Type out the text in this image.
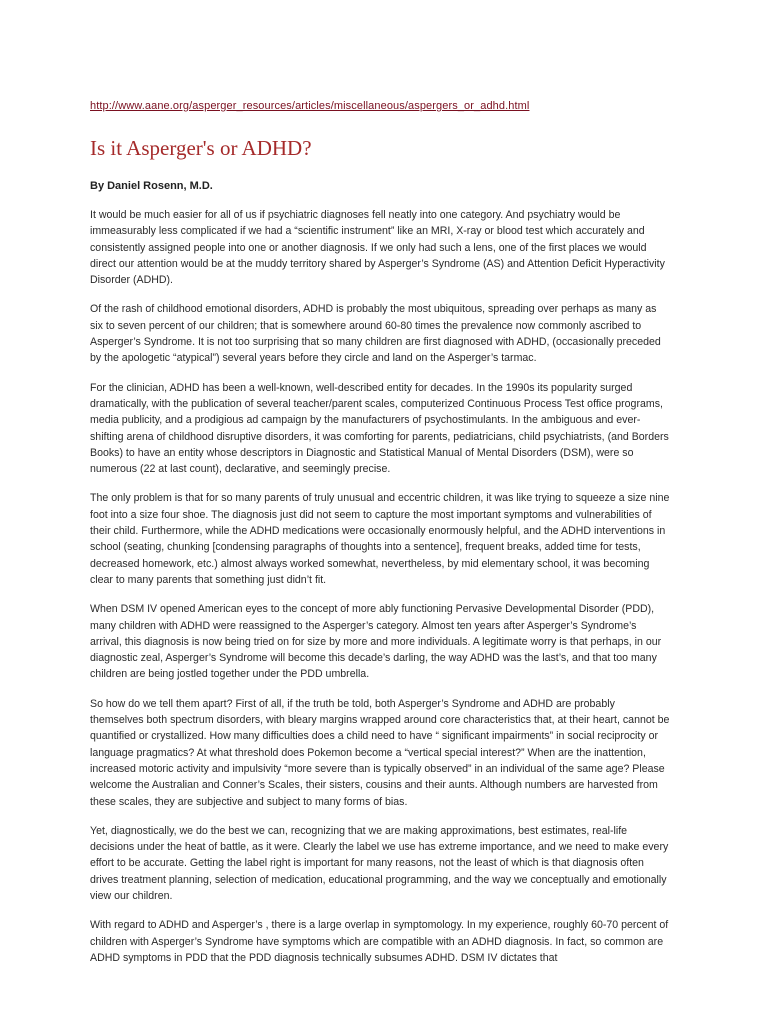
http://www.aane.org/asperger_resources/articles/miscellaneous/aspergers_or_adhd.html
Is it Asperger's or ADHD?

By Daniel Rosenn, M.D.

It would be much easier for all of us if psychiatric diagnoses fell neatly into one category. And psychiatry would be immeasurably less complicated if we had a “scientific instrument” like an MRI, X-ray or blood test which accurately and consistently assigned people into one or another diagnosis. If we only had such a lens, one of the first places we would direct our attention would be at the muddy territory shared by Asperger’s Syndrome (AS) and Attention Deficit Hyperactivity Disorder (ADHD).

Of the rash of childhood emotional disorders, ADHD is probably the most ubiquitous, spreading over perhaps as many as six to seven percent of our children; that is somewhere around 60-80 times the prevalence now commonly ascribed to Asperger’s Syndrome. It is not too surprising that so many children are first diagnosed with ADHD, (occasionally preceded by the apologetic “atypical”) several years before they circle and land on the Asperger’s tarmac.

For the clinician, ADHD has been a well-known, well-described entity for decades. In the 1990s its popularity surged dramatically, with the publication of several teacher/parent scales, computerized Continuous Process Test office programs, media publicity, and a prodigious ad campaign by the manufacturers of psychostimulants. In the ambiguous and ever-shifting arena of childhood disruptive disorders, it was comforting for parents, pediatricians, child psychiatrists, (and Borders Books) to have an entity whose descriptors in Diagnostic and Statistical Manual of Mental Disorders (DSM), were so numerous (22 at last count), declarative, and seemingly precise.

The only problem is that for so many parents of truly unusual and eccentric children, it was like trying to squeeze a size nine foot into a size four shoe. The diagnosis just did not seem to capture the most important symptoms and vulnerabilities of their child. Furthermore, while the ADHD medications were occasionally enormously helpful, and the ADHD interventions in school (seating, chunking [condensing paragraphs of thoughts into a sentence], frequent breaks, added time for tests, decreased homework, etc.) almost always worked somewhat, nevertheless, by mid elementary school, it was becoming clear to many parents that something just didn’t fit.

When DSM IV opened American eyes to the concept of more ably functioning Pervasive Developmental Disorder (PDD), many children with ADHD were reassigned to the Asperger’s category. Almost ten years after Asperger’s Syndrome’s arrival, this diagnosis is now being tried on for size by more and more individuals. A legitimate worry is that perhaps, in our diagnostic zeal, Asperger’s Syndrome will become this decade’s darling, the way ADHD was the last’s, and that too many children are being jostled together under the PDD umbrella.

So how do we tell them apart? First of all, if the truth be told, both Asperger’s Syndrome and ADHD are probably themselves both spectrum disorders, with bleary margins wrapped around core characteristics that, at their heart, cannot be quantified or crystallized. How many difficulties does a child need to have “ significant impairments” in social reciprocity or language pragmatics? At what threshold does Pokemon become a “vertical special interest?” When are the inattention, increased motoric activity and impulsivity “more severe than is typically observed” in an individual of the same age? Please welcome the Australian and Conner’s Scales, their sisters, cousins and their aunts. Although numbers are harvested from these scales, they are subjective and subject to many forms of bias.

Yet, diagnostically, we do the best we can, recognizing that we are making approximations, best estimates, real-life decisions under the heat of battle, as it were. Clearly the label we use has extreme importance, and we need to make every effort to be accurate. Getting the label right is important for many reasons, not the least of which is that diagnosis often drives treatment planning, selection of medication, educational programming, and the way we conceptually and emotionally view our children.

With regard to ADHD and Asperger’s , there is a large overlap in symptomology. In my experience, roughly 60-70 percent of children with Asperger’s Syndrome have symptoms which are compatible with an ADHD diagnosis. In fact, so common are ADHD symptoms in PDD that the PDD diagnosis technically subsumes ADHD. DSM IV dictates that
